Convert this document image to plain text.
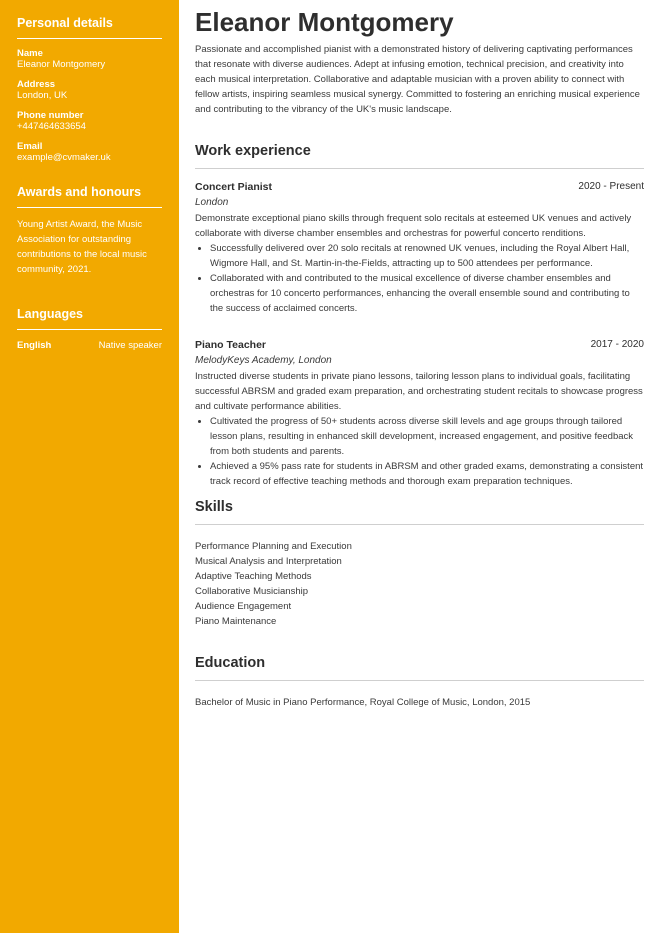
Personal details
Name
Eleanor Montgomery
Address
London, UK
Phone number
+447464633654
Email
example@cvmaker.uk
Awards and honours
Young Artist Award, the Music Association for outstanding contributions to the local music community, 2021.
Languages
English	Native speaker
Eleanor Montgomery
Passionate and accomplished pianist with a demonstrated history of delivering captivating performances that resonate with diverse audiences. Adept at infusing emotion, technical precision, and creativity into each musical interpretation. Collaborative and adaptable musician with a proven ability to connect with fellow artists, inspiring seamless musical synergy. Committed to fostering an enriching musical experience and contributing to the vibrancy of the UK's music landscape.
Work experience
Concert Pianist	2020 - Present
London
Demonstrate exceptional piano skills through frequent solo recitals at esteemed UK venues and actively collaborate with diverse chamber ensembles and orchestras for powerful concerto renditions.
• Successfully delivered over 20 solo recitals at renowned UK venues, including the Royal Albert Hall, Wigmore Hall, and St. Martin-in-the-Fields, attracting up to 500 attendees per performance.
• Collaborated with and contributed to the musical excellence of diverse chamber ensembles and orchestras for 10 concerto performances, enhancing the overall ensemble sound and contributing to the success of acclaimed concerts.
Piano Teacher	2017 - 2020
MelodyKeys Academy, London
Instructed diverse students in private piano lessons, tailoring lesson plans to individual goals, facilitating successful ABRSM and graded exam preparation, and orchestrating student recitals to showcase progress and cultivate performance abilities.
• Cultivated the progress of 50+ students across diverse skill levels and age groups through tailored lesson plans, resulting in enhanced skill development, increased engagement, and positive feedback from both students and parents.
• Achieved a 95% pass rate for students in ABRSM and other graded exams, demonstrating a consistent track record of effective teaching methods and thorough exam preparation techniques.
Skills
Performance Planning and Execution
Musical Analysis and Interpretation
Adaptive Teaching Methods
Collaborative Musicianship
Audience Engagement
Piano Maintenance
Education
Bachelor of Music in Piano Performance, Royal College of Music, London, 2015
